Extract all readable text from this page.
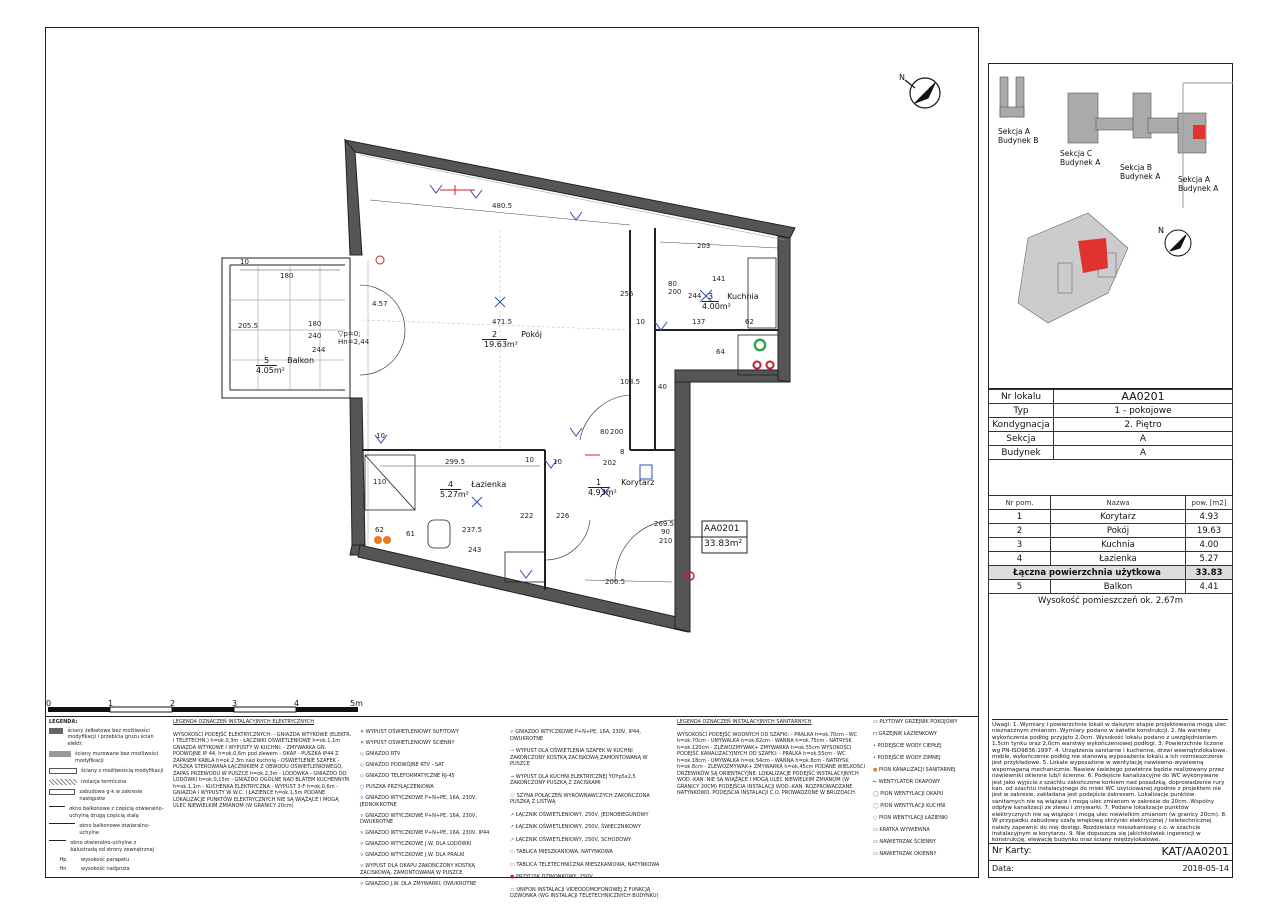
N
2	Pokój
19.63m²
3	Kuchnia
4.00m²
4	Łazienka
5.27m²
1	Korytarz
4.93m²
5	Balkon
4.05m²
AA0201
33.83m²
480.5
203
471.5
256
141
137	62
64
80
200
10
244
108.5
40
80 200
202
299.5
237.5
222	226
269.5
206.5
243
110
62	61
10
90
210
180
240
180
205.5
244
4.57
▽p=0; Hn=2,44
10
10
10
8
0	1	2	3	4	5m
LEGENDA:
ściany żelbetowe bez możliwości modyfikacji i przebicia gruzu ścian elektr.
ściany murowane bez możliwości modyfikacji
ściany z możliwością modyfikacji
izolacja termiczna
zabudowa g-k w zakresie następstw
okno balkonowe z częścią otwieralno-uchylną drugą częścią stałą
okno balkonowe otwieralno-uchylne
okno otwieralno-uchylne z balustradą od strony zewnętrznej
Hp	wysokość parapetu
Hn	wysokość nadproża
LEGENDA OZNACZEŃ INSTALACYJNYCH ELEKTRYCZNYCH
WYSOKOŚCI PODEJŚĆ ELEKTRYCZNYCH: - GNIAZDA WTYKOWE (ELEKTR. I TELETECHN.) h=ok.0,3m - ŁĄCZNIKI OŚWIETLENIOWE h=ok.1,1m GNIAZDA WTYKOWE I WYPUSTY W KUCHNI: - ZMYWARKA GN. PODWÓJNE IP 44, h=ok.0,6m pod zlewem - OKAP - PUSZKA IP44 Z ZAPASEM KABLA h=ok.2,3m nad kuchnią - OŚWIETLENIE SZAFEK - PUSZKA STEROWANA ŁĄCZNIKIEM Z OBWODU OŚWIETLENIOWEGO, ZAPAS PRZEWODU W PUSZCE h=ok.2,3m - LODÓWKA - GNIAZDO DO LODÓWKI h=ok.0,15m - GNIAZDO OGÓLNE NAD BLATEM KUCHENNYM h=ok.1,1m - KUCHENKA ELEKTRYCZNA - WYPUST 3-F h=ok.0,6m - GNIAZDA I WYPUSTY W W.C. I ŁAZIENCE h=ok.1,5m PODANE LOKALIZACJE PUNKTÓW ELEKTRYCZNYCH NIE SĄ WIĄŻĄCE I MOGĄ ULEC NIEWIELKIM ZMIANOM (W GRANICY 20cm)
✕ WYPUST OŚWIETLENIOWY SUFITOWY
✕ WYPUST OŚWIETLENIOWY ŚCIENNY
◇ GNIAZDO RTV
◇ GNIAZDO PODWÓJNE RTV - SAT
◇ GNIAZDO TELEFORMATYCZNE RJ-45
○ PUSZKA PRZYŁĄCZENIOWA
⋎ GNIAZDO WTYCZKOWE P+N+PE, 16A, 230V, JEDNOKROTNE
⋎ GNIAZDO WTYCZKOWE P+N+PE, 16A, 230V, DWUKROTNE
⋎ GNIAZDO WTYCZKOWE P+N+PE, 16A, 230V, IP44
⋎ GNIAZDO WTYCZKOWE J.W. DLA LODÓWKI
⋎ GNIAZDO WTYCZKOWE J.W. DLA PRALKI
⋎ WYPUST DLA OKAPU ZAKOŃCZONY KOSTKĄ ZACISKOWĄ, ZAMONTOWANĄ W PUSZCE
⋎ GNIAZDO J.W. DLA ZMYWARKI, DWUKROTNE
⋎ GNIAZDO WTYCZKOWE P+N+PE, 16A, 230V, IP44, DWUKROTNE
⊸ WYPUST DLA OŚWIETLENIA SZAFEK W KUCHNI ZAKOŃCZONY KOSTKĄ ZACISKOWĄ ZAMONTOWANĄ W PUSZCE
⊸ WYPUST DLA KUCHNI ELEKTRYCZNEJ YDYp5x2,5 ZAKOŃCZONY PUSZKĄ Z ZACISKAMI
ⓒ SZYNA POŁĄCZEŃ WYRÓWNAWCZYCH ZAKOŃCZONA PUSZKĄ Z LISTWĄ
↗ ŁĄCZNIK OŚWIETLENIOWY, 250V, JEDNOBIEGUNOWY
↗ ŁĄCZNIK OŚWIETLENIOWY, 250V, ŚWIECZNIKOWY
↗ ŁĄCZNIK OŚWIETLENIOWY, 250V, SCHODOWY
▭ TABLICA MIESZKANIOWA, NATYNKOWA
▭ TABLICA TELETECHNICZNA MIESZKANIOWA, NATYNKOWA
● PRZYCISK DZWONKOWY, 250V
▭ UNIFON INSTALACJI VIDEODOMOFONOWEJ Z FUNKCJĄ DZWONKA (WG INSTALACJI TELETECHNICZNYCH BUDYNKU)
LEGENDA OZNACZEŃ INSTALACYJNYCH SANITARNYCH
WYSOKOŚCI PODEJŚĆ WODNYCH OD SZAFKI: - PRALKA h=ok.70cm - WC h=ok.70cm - UMYWALKA h=ok.62cm - WANNA h=ok.75cm - NATRYSK h=ok.120cm - ZLEWOZMYWAK+ ZMYWARKA h=ok.55cm WYSOKOŚCI PODEJŚĆ KANALIZACYJNYCH OD SZAFKI: - PRALKA h=ok.55cm - WC h=ok.18cm - UMYWALKA h=ok.54cm - WANNA h=ok.8cm - NATRYSK h=ok.8cm - ZLEWOZMYWAK+ ZMYWARKA h=ok.45cm PODANE WIELKOŚCI DRZEWIKÓW SĄ ORIENTACYJNE. LOKALIZACJE PODEJŚĆ INSTALACYJNYCH WOD.-KAN. NIE SĄ WIĄŻĄCE I MOGĄ ULEC NIEWIELKIM ZMIANOM (W GRANICY 20CM) PODEJŚCIA INSTALACJI WOD.-KAN. ROZPROWADZANE NATYNKOWO. PODEJŚCIA INSTALACJI C.O. PROWADZONE W BRUZDACH.
▭ PŁYTOWY GRZEJNIK POKOJOWY
⊓ GRZEJNIK ŁAZIENKOWY
• PODEJŚCIE WODY CIEPŁEJ
• PODEJŚCIE WODY ZIMNEJ
● PION KANALIZACJI SANITARNEJ
← WENTYLATOR OKAPOWY
◯ PION WENTYLACJI OKAPU
◯ PION WENTYLACJI KUCHNI
○ PION WENTYLACJI ŁAZIENKI
▭ KRATKA WYWIEWNA
▭ NAWIETRZAK ŚCIENNY
▭ NAWIETRZAK OKIENNY
N
Sekcja A Budynek B
Sekcja C Budynek A
Sekcja B Budynek A	Sekcja A Budynek A
Nr lokalu	AA0201
Typ	1 - pokojowe
Kondygnacja	2. Piętro
Sekcja	A
Budynek	A
Nr pom.	Nazwa	pow. [m2]
1	Korytarz	4.93
2	Pokój	19.63
3	Kuchnia	4.00
4	Łazienka	5.27
Łączna powierzchnia użytkowa		33.83
5	Balkon	4.41
Wysokość pomieszczeń ok. 2.67m		
Uwagi: 1. Wymiary i powierzchnie lokali w dalszym etapie projektowania mogą ulec nieznacznym zmianom. Wymiary podano w świetle konstrukcji. 2. Na warstwy wykończenia podłóg przyjęto 2,0cm. Wysokość lokalu podano z uwzględnieniem 1,5cm tynku oraz 2,0cm warstwy wykończeniowej podłogi. 3. Powierzchnie liczone wg PN-ISO9836:1997. 4. Urządzenia sanitarne i kuchenne, drzwi wewnątrzlokalowe, meble, wykończenie podłóg nie stanowią wyposażenia lokalu a ich rozmieszczenie jest przykładowe. 5. Lokale wyposażone w wentylację nawiewno-wywiewną wspomaganą mechanicznie. Nawiew świeżego powietrza będzie realizowany przez nawiewniki okienne lub/i ścienne. 6. Podejście kanalizacyjne do WC wykonywane jest jako wyjście z szachtu zakończone korkiem nad posadzką, doprowadzenie rury kan. od szachtu instalacyjnego do miski WC usytuowanej zgodnie z projektem nie jest w zakresie, zakładana jest podejście zakresem. Lokalizacje punktów sanitarnych nie są wiążące i mogą ulec zmianom w zakresie do 20cm. Wspólny odpływ kanalizacji ze zlewu i zmywarki. 7. Podane lokalizacje punktów elektrycznych nie są wiążące i mogą ulec niewielkim zmianom (w granicy 20cm). 8. W przypadku zabudowy szafą wnękową skrzynki elektrycznej / teletechnicznej należy zapewnić do niej dostęp. Rozdzielacz mieszkaniowy c.o. w szachcie instalacyjnym w korytarzu. 9. Nie dopuszcza się jakichkolwiek ingerencji w konstrukcję, elewację budynku oraz ściany międzylokalowe.
Nr Karty:	KAT/AA0201
Data:	2018-05-14
